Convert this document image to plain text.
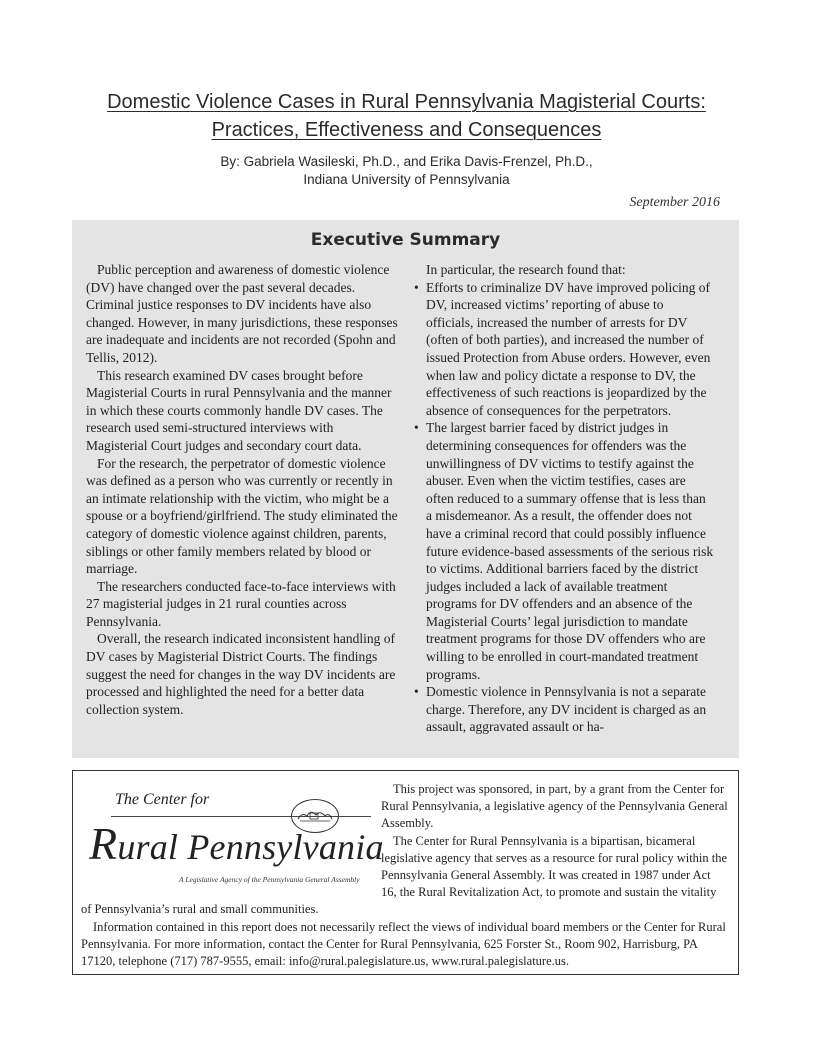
Domestic Violence Cases in Rural Pennsylvania Magisterial Courts:
Practices, Effectiveness and Consequences
By: Gabriela Wasileski, Ph.D., and Erika Davis-Frenzel, Ph.D.,
Indiana University of Pennsylvania
September 2016
Executive Summary

Public perception and awareness of domestic violence (DV) have changed over the past several decades. Criminal justice responses to DV incidents have also changed. However, in many jurisdictions, these responses are inadequate and incidents are not recorded (Spohn and Tellis, 2012).

This research examined DV cases brought before Magisterial Courts in rural Pennsylvania and the manner in which these courts commonly handle DV cases. The research used semi-structured interviews with Magisterial Court judges and secondary court data.

For the research, the perpetrator of domestic violence was defined as a person who was currently or recently in an intimate relationship with the victim, who might be a spouse or a boyfriend/girlfriend. The study eliminated the category of domestic violence against children, parents, siblings or other family members related by blood or marriage.

The researchers conducted face-to-face interviews with 27 magisterial judges in 21 rural counties across Pennsylvania.

Overall, the research indicated inconsistent handling of DV cases by Magisterial District Courts. The findings suggest the need for changes in the way DV incidents are processed and highlighted the need for a better data collection system.

In particular, the research found that:

• Efforts to criminalize DV have improved policing of DV, increased victims’ reporting of abuse to officials, increased the number of arrests for DV (often of both parties), and increased the number of issued Protection from Abuse orders. However, even when law and policy dictate a response to DV, the effectiveness of such reactions is jeopardized by the absence of consequences for the perpetrators.
• The largest barrier faced by district judges in determining consequences for offenders was the unwillingness of DV victims to testify against the abuser. Even when the victim testifies, cases are often reduced to a summary offense that is less than a misdemeanor. As a result, the offender does not have a criminal record that could possibly influence future evidence-based assessments of the serious risk to victims. Additional barriers faced by the district judges included a lack of available treatment programs for DV offenders and an absence of the Magisterial Courts’ legal jurisdiction to mandate treatment programs for those DV offenders who are willing to be enrolled in court-mandated treatment programs.
• Domestic violence in Pennsylvania is not a separate charge. Therefore, any DV incident is charged as an assault, aggravated assault or ha-
The Center for
Rural Pennsylvania
A Legislative Agency of the Pennsylvania General Assembly

This project was sponsored, in part, by a grant from the Center for Rural Pennsylvania, a legislative agency of the Pennsylvania General Assembly.

The Center for Rural Pennsylvania is a bipartisan, bicameral legislative agency that serves as a resource for rural policy within the Pennsylvania General Assembly. It was created in 1987 under Act 16, the Rural Revitalization Act, to promote and sustain the vitality of Pennsylvania’s rural and small communities.

Information contained in this report does not necessarily reflect the views of individual board members or the Center for Rural Pennsylvania. For more information, contact the Center for Rural Pennsylvania, 625 Forster St., Room 902, Harrisburg, PA 17120, telephone (717) 787-9555, email: info@rural.palegislature.us, www.rural.palegislature.us.
